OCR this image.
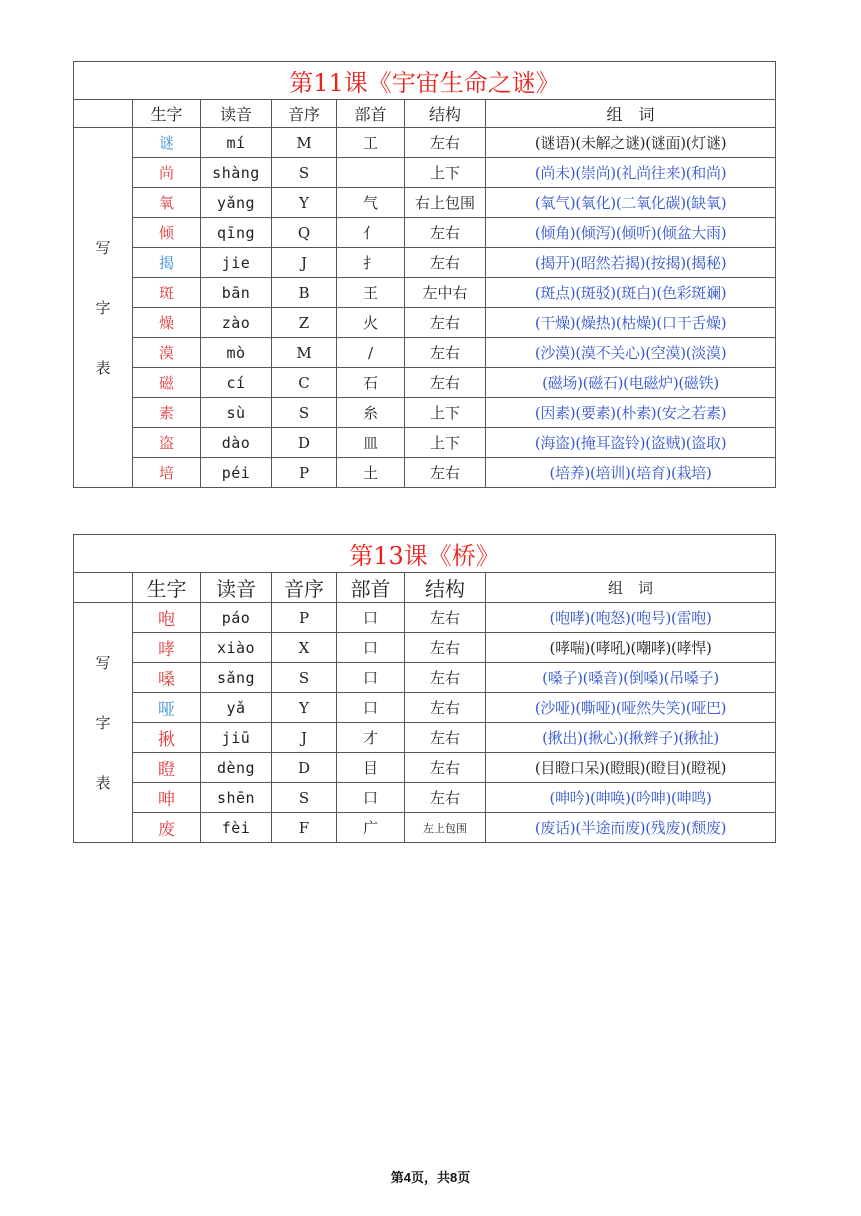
第11课《宇宙生命之谜》						
	生字	读音	音序	部首	结构	组　词

写
字
表	谜	mí	M	工	左右	(谜语)(未解之谜)(谜面)(灯谜)
	尚	shàng	S		上下	(尚未)(崇尚)(礼尚往来)(和尚)
	氧	yǎng	Y	气	右上包围	(氧气)(氧化)(二氧化碳)(缺氧)
	倾	qīng	Q	亻	左右	(倾角)(倾泻)(倾听)(倾盆大雨)
	揭	jie	J	扌	左右	(揭开)(昭然若揭)(按揭)(揭秘)
	斑	bān	B	王	左中右	(斑点)(斑驳)(斑白)(色彩斑斓)
	燥	zào	Z	火	左右	(干燥)(燥热)(枯燥)(口干舌燥)
	漠	mò	M	/	左右	(沙漠)(漠不关心)(空漠)(淡漠)
	磁	cí	C	石	左右	(磁场)(磁石)(电磁炉)(磁铁)
	素	sù	S	糸	上下	(因素)(要素)(朴素)(安之若素)
	盗	dào	D	皿	上下	(海盗)(掩耳盗铃)(盗贼)(盗取)
	培	péi	P	土	左右	(培养)(培训)(培育)(栽培)
第13课《桥》						
	生字	读音	音序	部首	结构	组　词

写
字
表	咆	páo	P	口	左右	(咆哮)(咆怒)(咆号)(雷咆)
	哮	xiào	X	口	左右	(哮喘)(哮吼)(嘲哮)(哮悍)
	嗓	sǎng	S	口	左右	(嗓子)(嗓音)(倒嗓)(吊嗓子)
	哑	yǎ	Y	口	左右	(沙哑)(嘶哑)(哑然失笑)(哑巴)
	揪	jiū	J	才	左右	(揪出)(揪心)(揪辫子)(揪扯)
	瞪	dèng	D	目	左右	(目瞪口呆)(瞪眼)(瞪目)(瞪视)
	呻	shēn	S	口	左右	(呻吟)(呻唤)(吟呻)(呻鸣)
	废	fèi	F	广	左上包围	(废话)(半途而废)(残废)(颓废)
第4页，共8页
